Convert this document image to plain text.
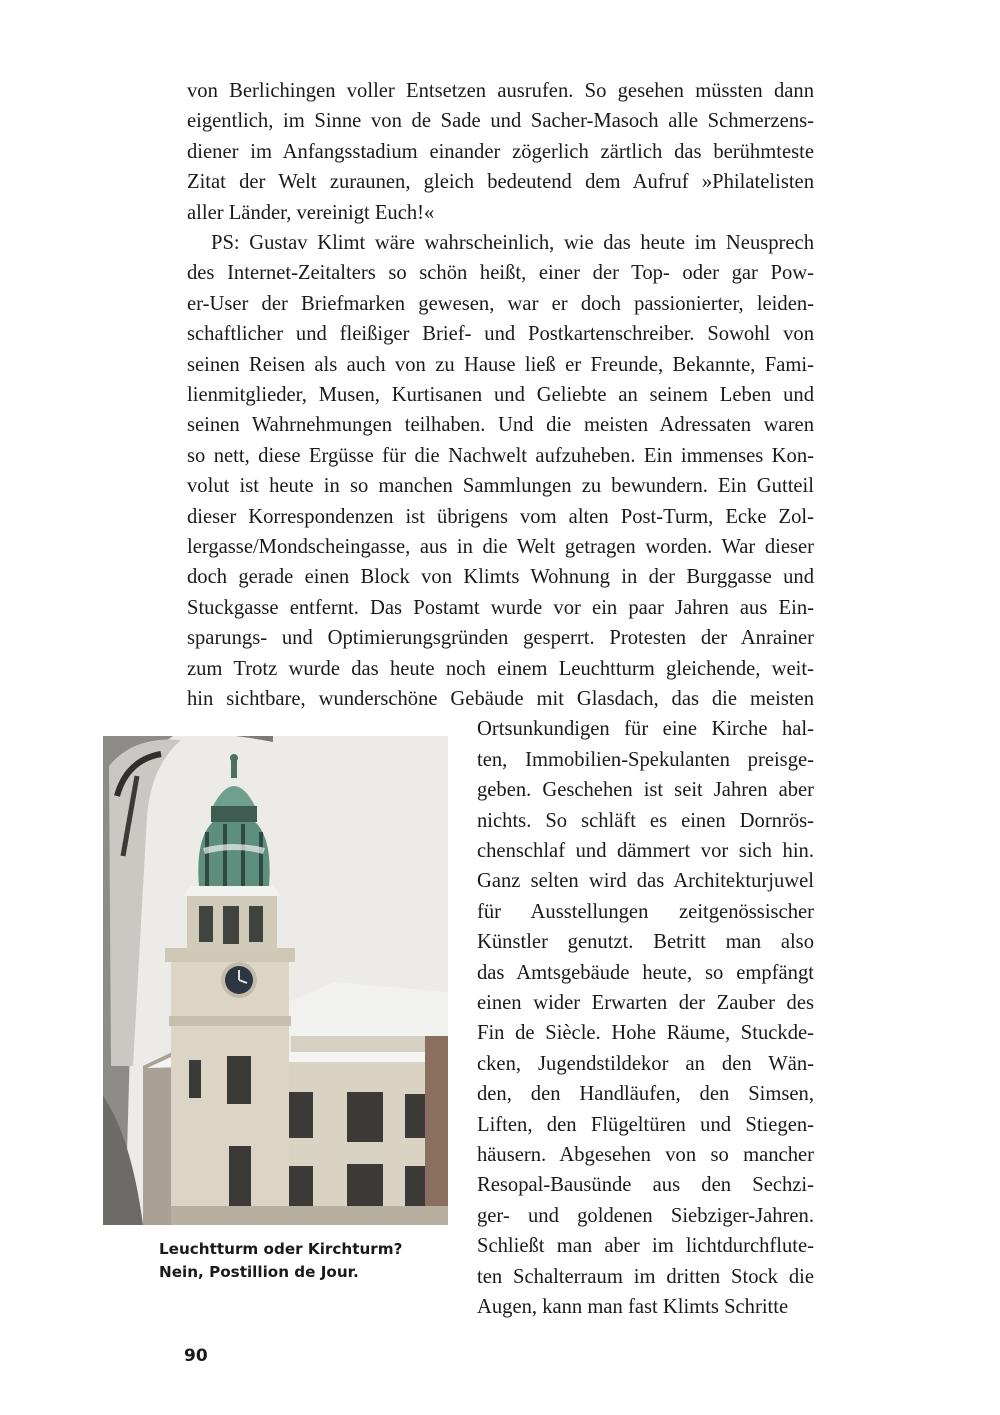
von Berlichingen voller Entsetzen ausrufen. So gesehen müssten dann
eigentlich, im Sinne von de Sade und Sacher-Masoch alle Schmerzens-
diener im Anfangsstadium einander zögerlich zärtlich das berühmteste
Zitat der Welt zuraunen, gleich bedeutend dem Aufruf »Philatelisten
aller Länder, vereinigt Euch!«
PS: Gustav Klimt wäre wahrscheinlich, wie das heute im Neusprech
des Internet-Zeitalters so schön heißt, einer der Top- oder gar Pow-
er-User der Briefmarken gewesen, war er doch passionierter, leiden-
schaftlicher und fleißiger Brief- und Postkartenschreiber. Sowohl von
seinen Reisen als auch von zu Hause ließ er Freunde, Bekannte, Fami-
lienmitglieder, Musen, Kurtisanen und Geliebte an seinem Leben und
seinen Wahrnehmungen teilhaben. Und die meisten Adressaten waren
so nett, diese Ergüsse für die Nachwelt aufzuheben. Ein immenses Kon-
volut ist heute in so manchen Sammlungen zu bewundern. Ein Gutteil
dieser Korrespondenzen ist übrigens vom alten Post-Turm, Ecke Zol-
lergasse/Mondscheingasse, aus in die Welt getragen worden. War dieser
doch gerade einen Block von Klimts Wohnung in der Burggasse und
Stuckgasse entfernt. Das Postamt wurde vor ein paar Jahren aus Ein-
sparungs- und Optimierungsgründen gesperrt. Protesten der Anrainer
zum Trotz wurde das heute noch einem Leuchtturm gleichende, weit-
hin sichtbare, wunderschöne Gebäude mit Glasdach, das die meisten
Ortsunkundigen für eine Kirche hal-
ten, Immobilien-Spekulanten preisge-
geben. Geschehen ist seit Jahren aber
nichts. So schläft es einen Dornrös-
chenschlaf und dämmert vor sich hin.
Ganz selten wird das Architekturjuwel
für Ausstellungen zeitgenössischer
Künstler genutzt. Betritt man also
das Amtsgebäude heute, so empfängt
einen wider Erwarten der Zauber des
Fin de Siècle. Hohe Räume, Stuckde-
cken, Jugendstildekor an den Wän-
den, den Handläufen, den Simsen,
Liften, den Flügeltüren und Stiegen-
häusern. Abgesehen von so mancher
Resopal-Bausünde aus den Sechzi-
ger- und goldenen Siebziger-Jahren.
Schließt man aber im lichtdurchflute-
ten Schalterraum im dritten Stock die
Augen, kann man fast Klimts Schritte
Leuchtturm oder Kirchturm?
Nein, Postillion de Jour.
90
